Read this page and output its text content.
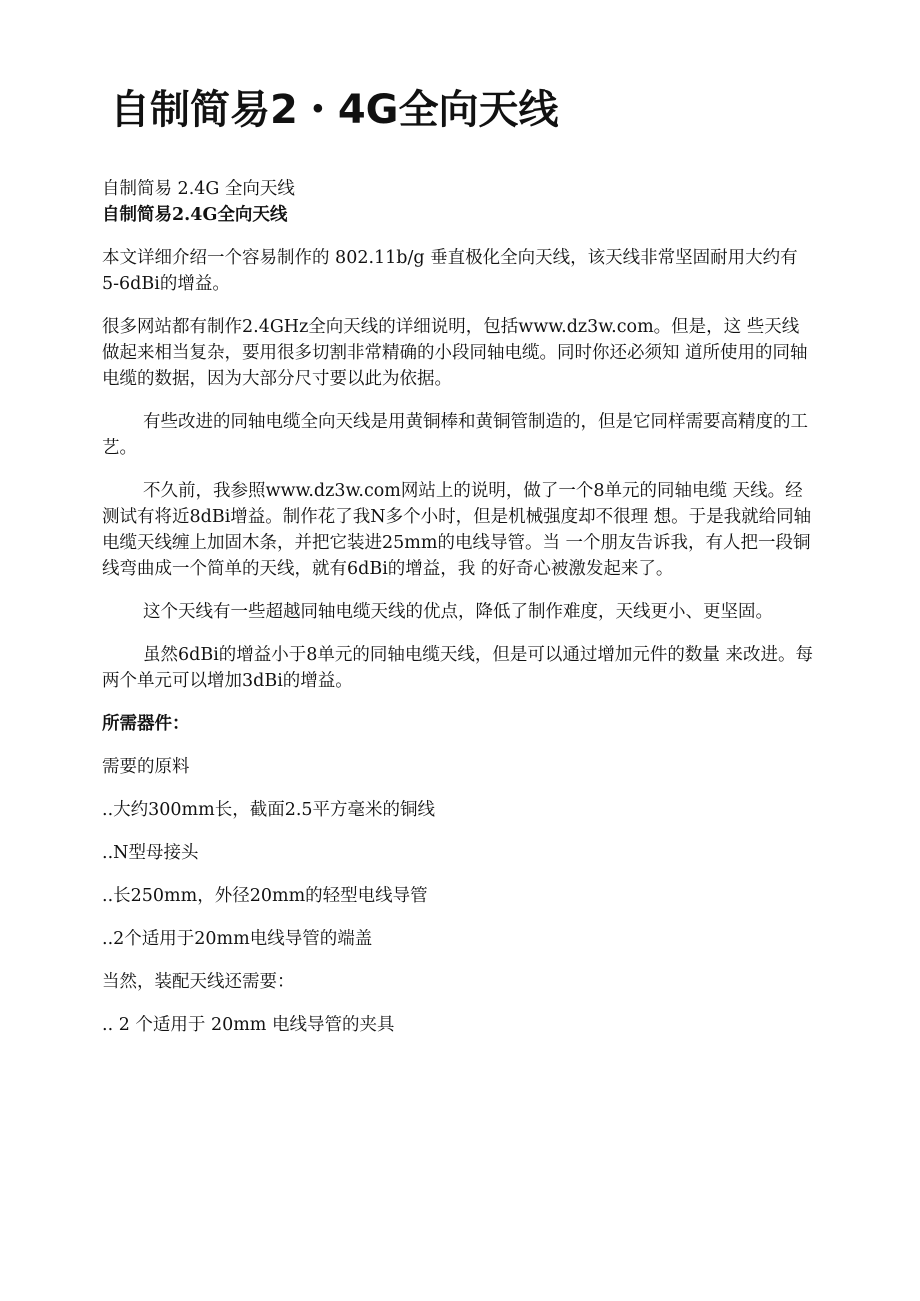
自制简易2・4G全向天线

自制简易 2.4G 全向天线

自制简易2.4G全向天线

本文详细介绍一个容易制作的 802.11b/g 垂直极化全向天线，该天线非常坚固耐用大约有5-6dBi的增益。

很多网站都有制作2.4GHz全向天线的详细说明，包括www.dz3w.com。但是，这 些天线做起来相当复杂，要用很多切割非常精确的小段同轴电缆。同时你还必须知 道所使用的同轴电缆的数据，因为大部分尺寸要以此为依据。

有些改进的同轴电缆全向天线是用黄铜棒和黄铜管制造的，但是它同样需要高精度的工艺。

不久前，我参照www.dz3w.com网站上的说明，做了一个8单元的同轴电缆 天线。经测试有将近8dBi增益。制作花了我N多个小时，但是机械强度却不很理 想。于是我就给同轴电缆天线缠上加固木条，并把它装进25mm的电线导管。当 一个朋友告诉我，有人把一段铜线弯曲成一个简单的天线，就有6dBi的增益，我 的好奇心被激发起来了。

这个天线有一些超越同轴电缆天线的优点，降低了制作难度，天线更小、更坚固。

虽然6dBi的增益小于8单元的同轴电缆天线，但是可以通过增加元件的数量 来改进。每两个单元可以增加3dBi的增益。

所需器件：

需要的原料

..大约300mm长，截面2.5平方毫米的铜线

..N型母接头

..长250mm，外径20mm的轻型电线导管

..2个适用于20mm电线导管的端盖

当然，装配天线还需要：

.. 2 个适用于 20mm 电线导管的夹具
